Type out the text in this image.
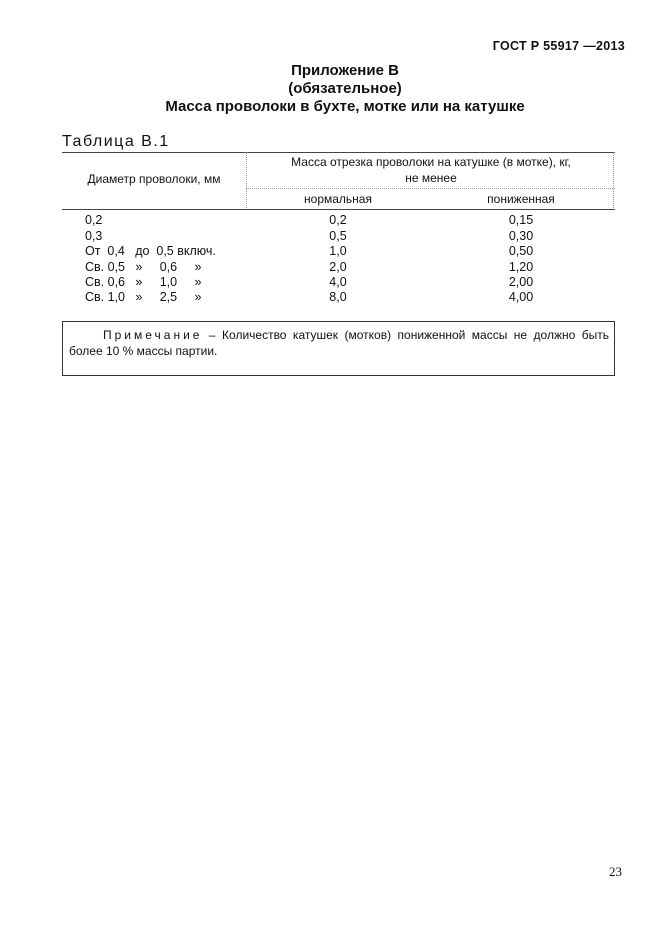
ГОСТ Р 55917 —2013
Приложение В
(обязательное)
Масса проволоки в бухте, мотке или на катушке
Таблица В.1
Диаметр проволоки, мм
Масса отрезка проволоки на катушке (в мотке), кг,
не менее
нормальная	пониженная
0,2	0,2	0,15
0,3	0,5	0,30
От  0,4   до  0,5 включ.	1,0	0,50
Св. 0,5   »     0,6     »	2,0	1,20
Св. 0,6   »     1,0     »	4,0	2,00
Св. 1,0   »     2,5     »	8,0	4,00
Примечание – Количество катушек (мотков) пониженной массы не должно быть более 10 % массы партии.
23
